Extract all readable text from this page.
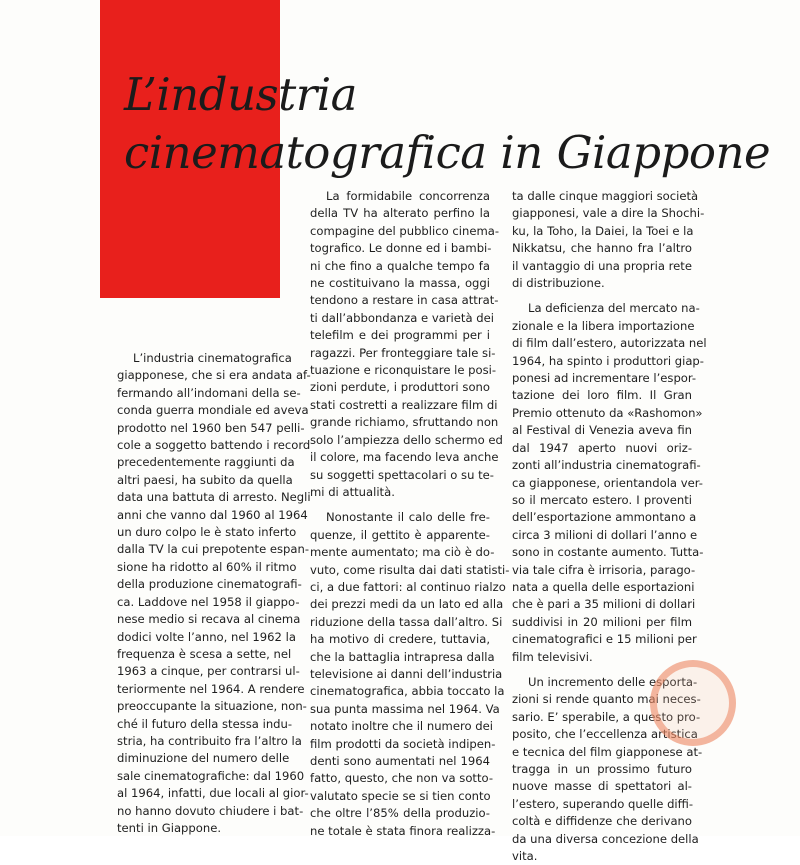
L’industria
cinematografica in Giappone
L’industria cinematografica
giapponese, che si era andata af-
fermando all’indomani della se-
conda guerra mondiale ed aveva
prodotto nel 1960 ben 547 pelli-
cole a soggetto battendo i record
precedentemente raggiunti da
altri paesi, ha subito da quella
data una battuta di arresto. Negli
anni che vanno dal 1960 al 1964
un duro colpo le è stato inferto
dalla TV la cui prepotente espan-
sione ha ridotto al 60% il ritmo
della produzione cinematografi-
ca. Laddove nel 1958 il giappo-
nese medio si recava al cinema
dodici volte l’anno, nel 1962 la
frequenza è scesa a sette, nel
1963 a cinque, per contrarsi ul-
teriormente nel 1964. A rendere
preoccupante la situazione, non-
ché il futuro della stessa indu-
stria, ha contribuito fra l’altro la
diminuzione del numero delle
sale cinematografiche: dal 1960
al 1964, infatti, due locali al gior-
no hanno dovuto chiudere i bat-
tenti in Giappone.
La formidabile concorrenza
della TV ha alterato perfino la
compagine del pubblico cinema-
tografico. Le donne ed i bambi-
ni che fino a qualche tempo fa
ne costituivano la massa, oggi
tendono a restare in casa attrat-
ti dall’abbondanza e varietà dei
telefilm e dei programmi per i
ragazzi. Per fronteggiare tale si-
tuazione e riconquistare le posi-
zioni perdute, i produttori sono
stati costretti a realizzare film di
grande richiamo, sfruttando non
solo l’ampiezza dello schermo ed
il colore, ma facendo leva anche
su soggetti spettacolari o su te-
mi di attualità.
Nonostante il calo delle fre-
quenze, il gettito è apparente-
mente aumentato; ma ciò è do-
vuto, come risulta dai dati statisti-
ci, a due fattori: al continuo rialzo
dei prezzi medi da un lato ed alla
riduzione della tassa dall’altro. Si
ha motivo di credere, tuttavia,
che la battaglia intrapresa dalla
televisione ai danni dell’industria
cinematografica, abbia toccato la
sua punta massima nel 1964. Va
notato inoltre che il numero dei
film prodotti da società indipen-
denti sono aumentati nel 1964
fatto, questo, che non va sotto-
valutato specie se si tien conto
che oltre l’85% della produzio-
ne totale è stata finora realizza-
ta dalle cinque maggiori società
giapponesi, vale a dire la Shochi-
ku, la Toho, la Daiei, la Toei e la
Nikkatsu, che hanno fra l’altro
il vantaggio di una propria rete
di distribuzione.
La deficienza del mercato na-
zionale e la libera importazione
di film dall’estero, autorizzata nel
1964, ha spinto i produttori giap-
ponesi ad incrementare l’espor-
tazione dei loro film. Il Gran
Premio ottenuto da «Rashomon»
al Festival di Venezia aveva fin
dal 1947 aperto nuovi oriz-
zonti all’industria cinematografi-
ca giapponese, orientandola ver-
so il mercato estero. I proventi
dell’esportazione ammontano a
circa 3 milioni di dollari l’anno e
sono in costante aumento. Tutta-
via tale cifra è irrisoria, parago-
nata a quella delle esportazioni
che è pari a 35 milioni di dollari
suddivisi in 20 milioni per film
cinematografici e 15 milioni per
film televisivi.
Un incremento delle esporta-
zioni si rende quanto mai neces-
sario. E’ sperabile, a questo pro-
posito, che l’eccellenza artistica
e tecnica del film giapponese at-
tragga in un prossimo futuro
nuove masse di spettatori al-
l’estero, superando quelle diffi-
coltà e diffidenze che derivano
da una diversa concezione della
vita.
